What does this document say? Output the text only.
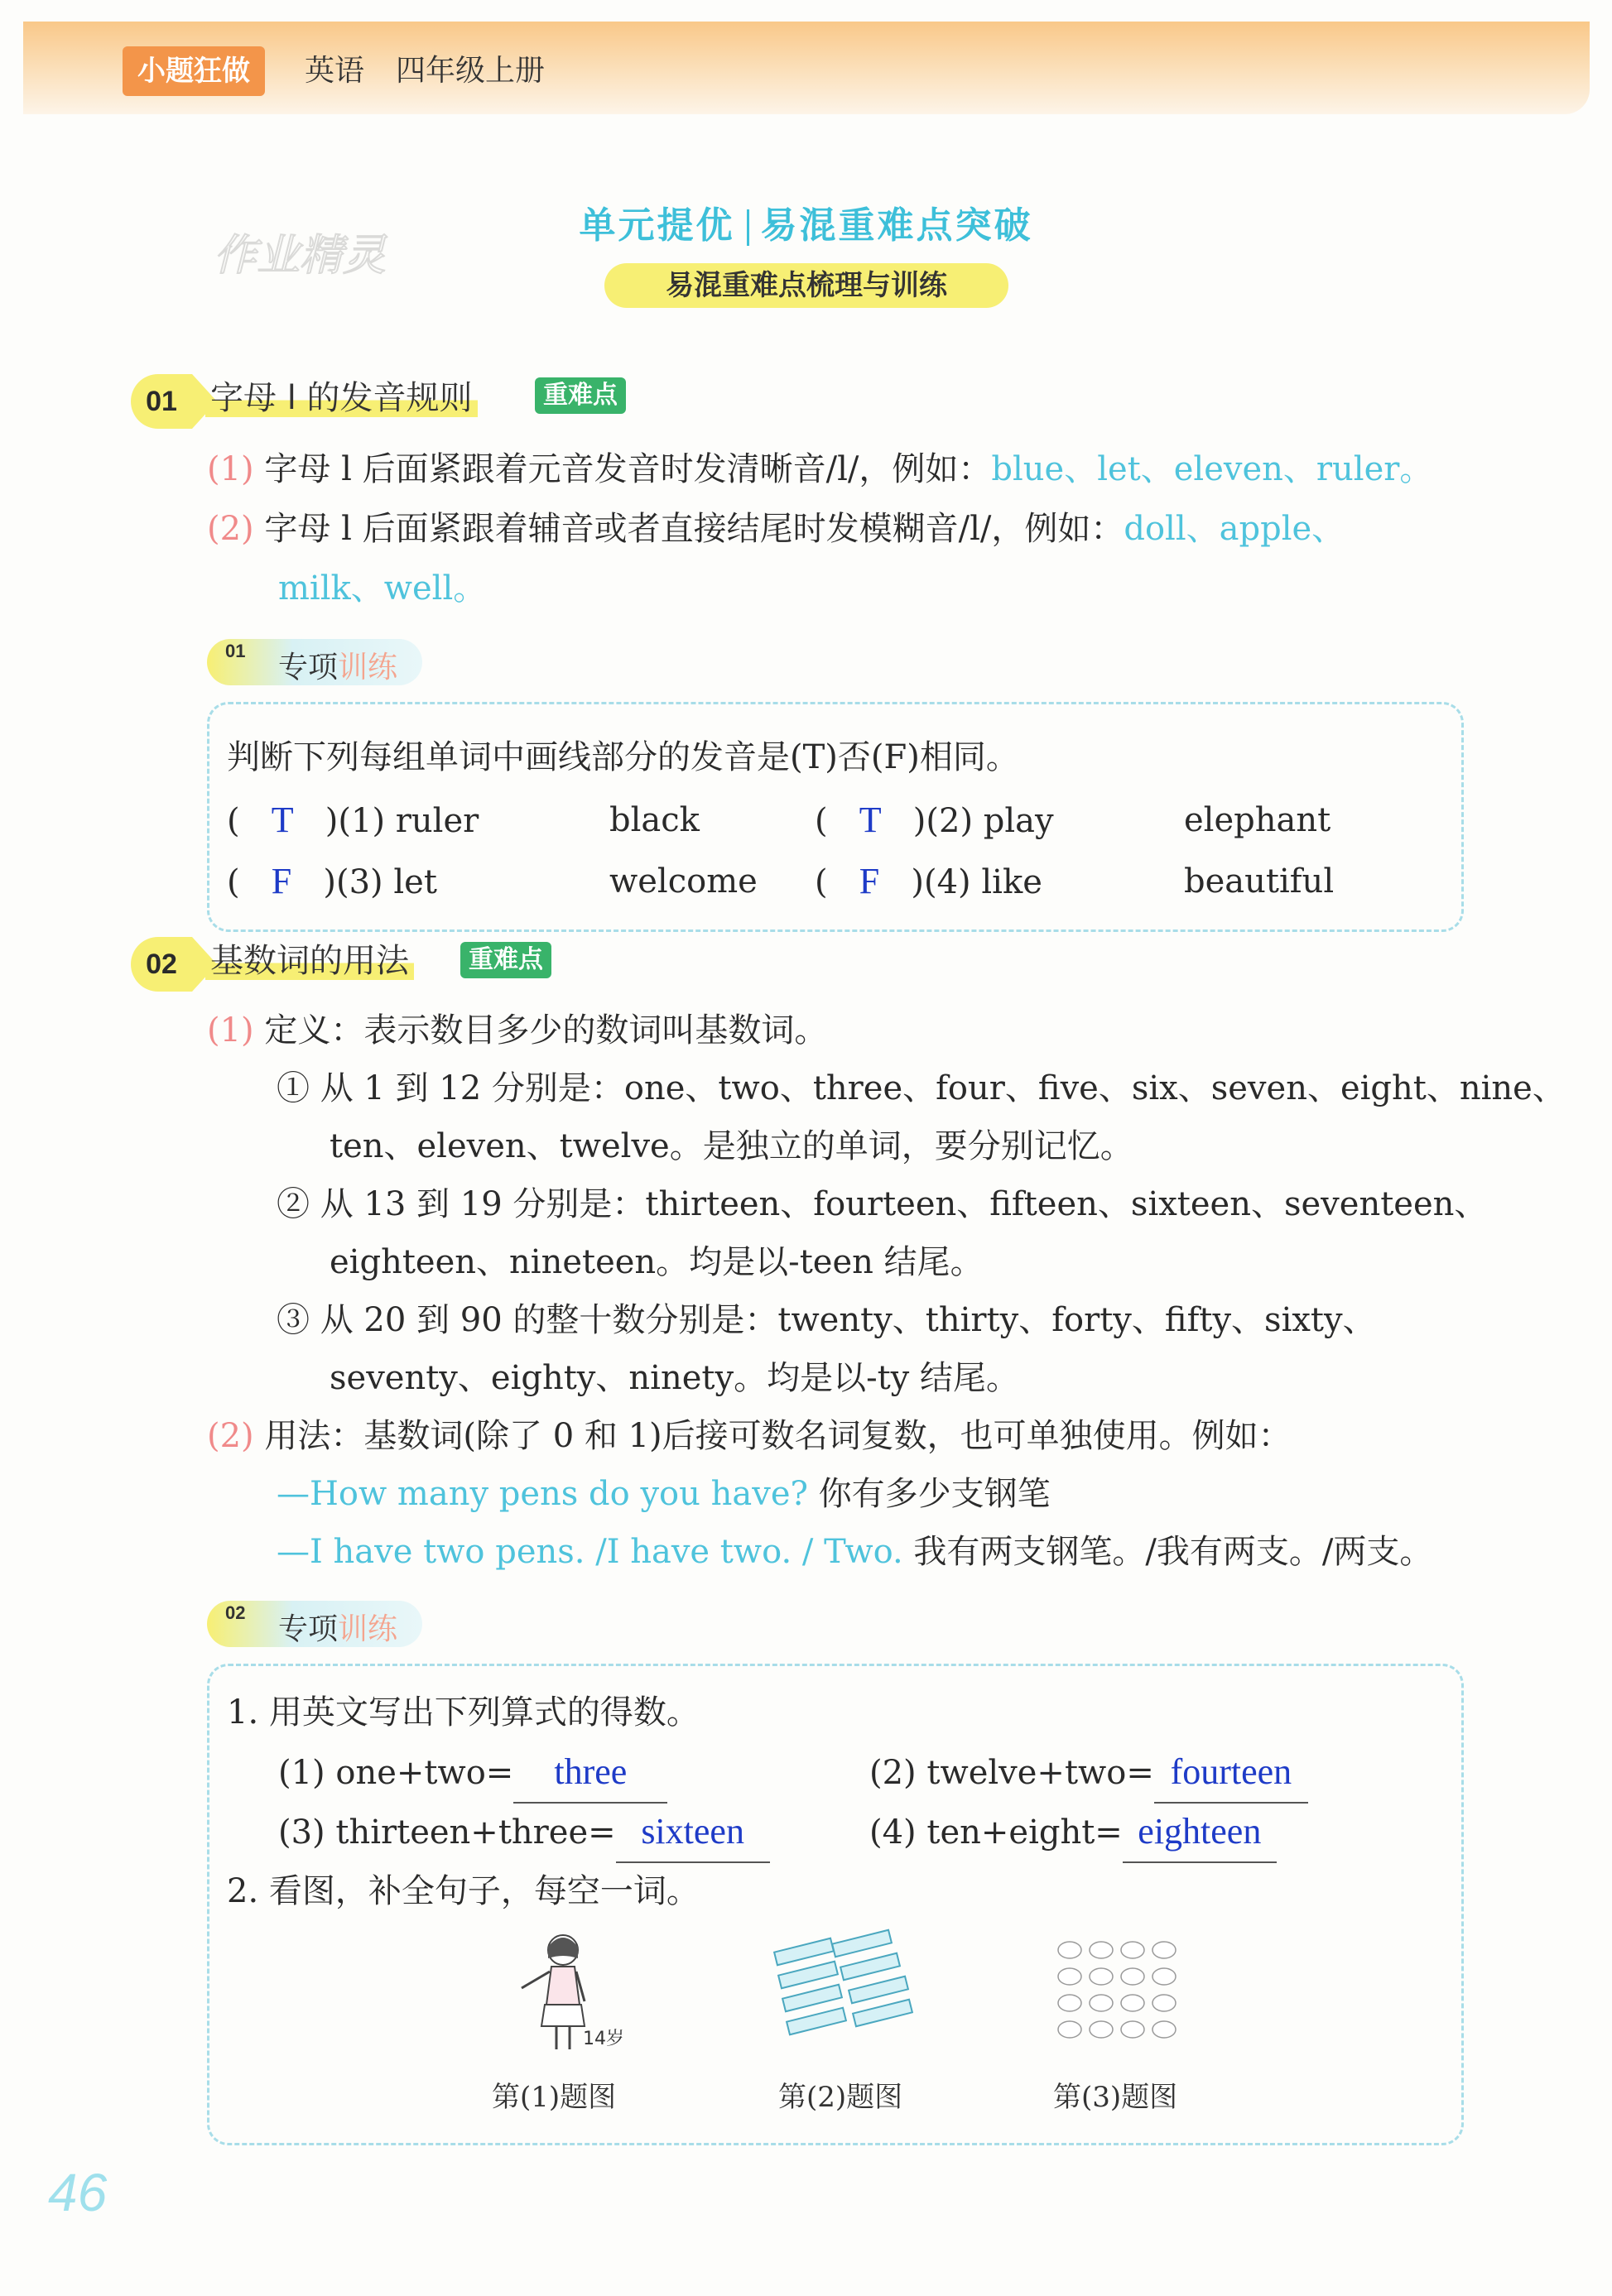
小题狂做	英语 四年级上册
单元提优 易混重难点突破
易混重难点梳理与训练
作业精灵
01	字母 l 的发音规则	重难点
(1) 字母 l 后面紧跟着元音发音时发清晰音/l/，例如：blue、let、eleven、ruler。
(2) 字母 l 后面紧跟着辅音或者直接结尾时发模糊音/l/，例如：doll、apple、
milk、well。
01 专项训练
判断下列每组单词中画线部分的发音是(T)否(F)相同。
(   T )(1) ruler	black	(   T )(2) play	elephant
(   F )(3) let	welcome (   F )(4) like	beautiful
02	基数词的用法	重难点
(1) 定义：表示数目多少的数词叫基数词。
① 从 1 到 12 分别是：one、two、three、four、five、six、seven、eight、nine、
ten、eleven、twelve。是独立的单词，要分别记忆。
② 从 13 到 19 分别是：thirteen、fourteen、fifteen、sixteen、seventeen、
eighteen、nineteen。均是以-teen 结尾。
③ 从 20 到 90 的整十数分别是：twenty、thirty、forty、fifty、sixty、
seventy、eighty、ninety。均是以-ty 结尾。
(2) 用法：基数词(除了 0 和 1)后接可数名词复数，也可单独使用。例如：
—How many pens do you have? 你有多少支钢笔
—I have two pens. /I have two. / Two. 我有两支钢笔。/我有两支。/两支。
02 专项训练
1. 用英文写出下列算式的得数。
(1) one+two= three	(2) twelve+two= fourteen
(3) thirteen+three= sixteen	(4) ten+eight= eighteen
2. 看图，补全句子，每空一词。
14岁
第(1)题图	第(2)题图	第(3)题图
46
